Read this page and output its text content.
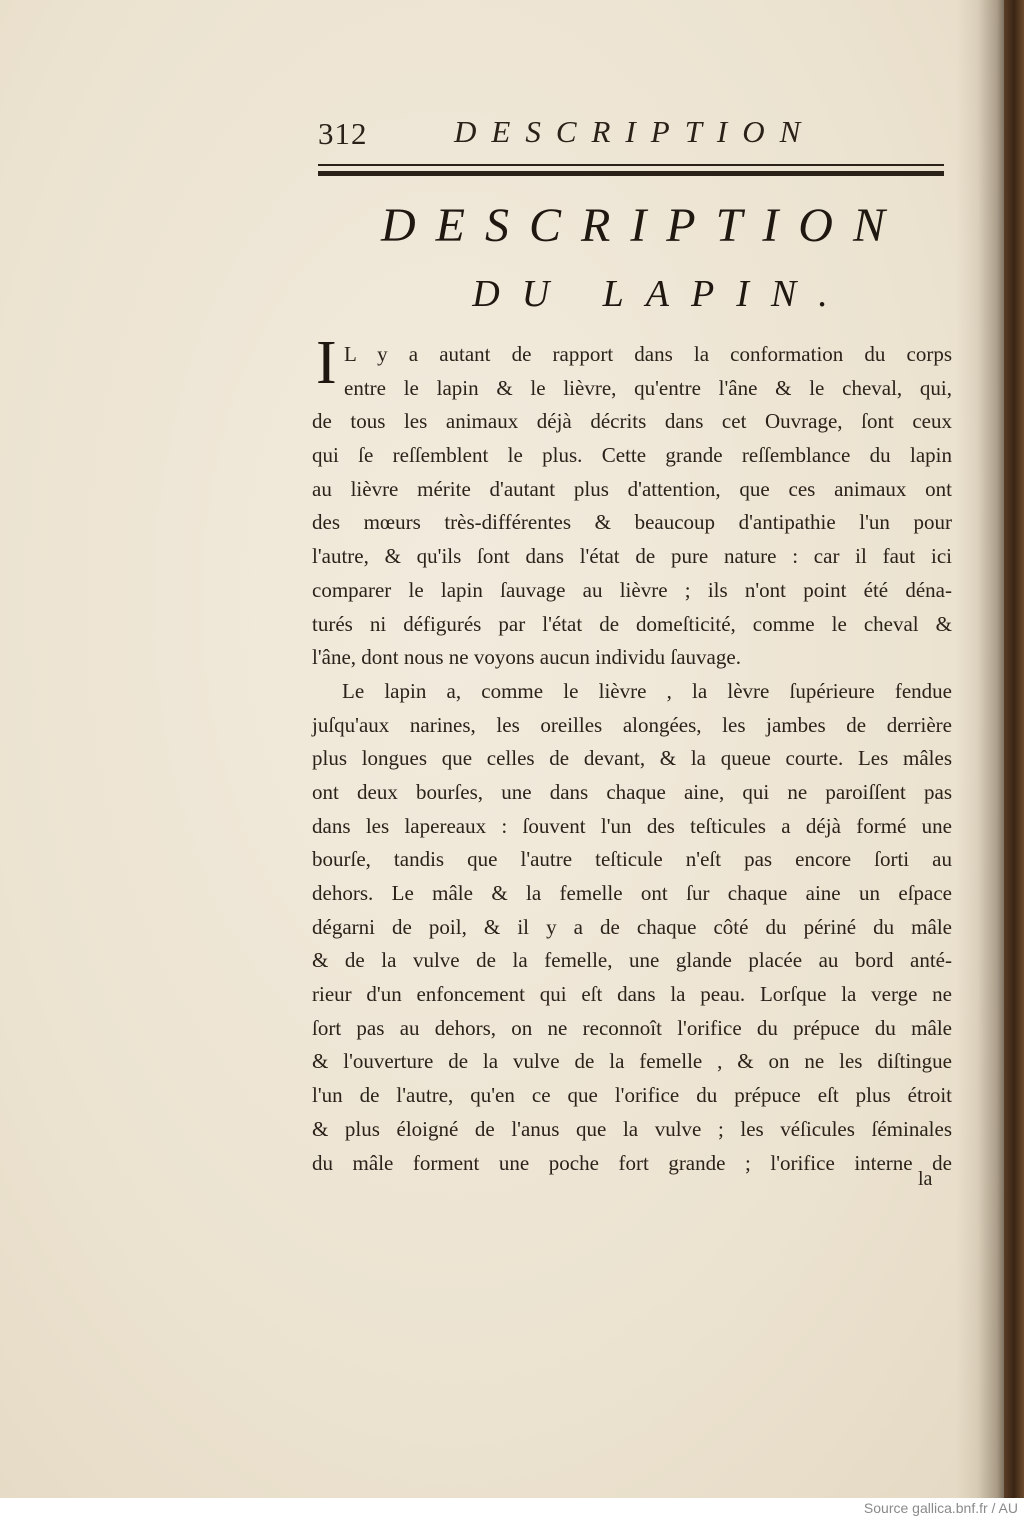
312	DESCRIPTION
DESCRIPTION
DU LAPIN.
I L y a autant de rapport dans la conformation du corps
entre le lapin & le lièvre, qu'entre l'âne & le cheval, qui,
de tous les animaux déjà décrits dans cet Ouvrage, ſont ceux
qui ſe reſſemblent le plus. Cette grande reſſemblance du lapin
au lièvre mérite d'autant plus d'attention, que ces animaux ont
des mœurs très-différentes & beaucoup d'antipathie l'un pour
l'autre, & qu'ils ſont dans l'état de pure nature : car il faut ici
comparer le lapin ſauvage au lièvre ; ils n'ont point été déna-
turés ni défigurés par l'état de domeſticité, comme le cheval &
l'âne, dont nous ne voyons aucun individu ſauvage.
Le lapin a, comme le lièvre , la lèvre ſupérieure fendue
juſqu'aux narines, les oreilles alongées, les jambes de derrière
plus longues que celles de devant, & la queue courte. Les mâles
ont deux bourſes, une dans chaque aine, qui ne paroiſſent pas
dans les lapereaux : ſouvent l'un des teſticules a déjà formé une
bourſe, tandis que l'autre teſticule n'eſt pas encore ſorti au
dehors. Le mâle & la femelle ont ſur chaque aine un eſpace
dégarni de poil, & il y a de chaque côté du périné du mâle
& de la vulve de la femelle, une glande placée au bord anté-
rieur d'un enfoncement qui eſt dans la peau. Lorſque la verge ne
ſort pas au dehors, on ne reconnoît l'orifice du prépuce du mâle
& l'ouverture de la vulve de la femelle , & on ne les diſtingue
l'un de l'autre, qu'en ce que l'orifice du prépuce eſt plus étroit
& plus éloigné de l'anus que la vulve ; les véſicules ſéminales
du mâle forment une poche fort grande ; l'orifice interne de
la
Source gallica.bnf.fr / AU
